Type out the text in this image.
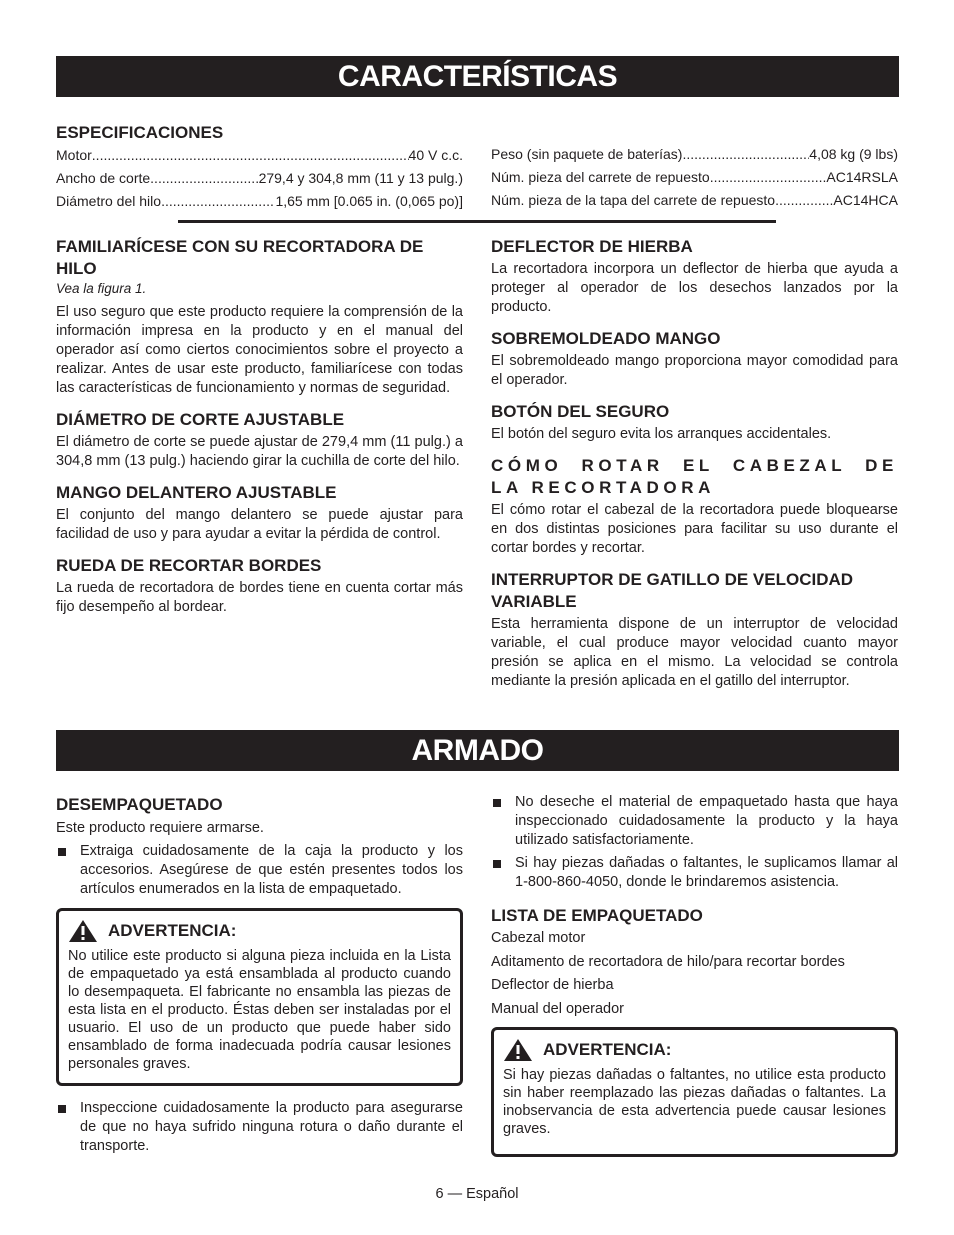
CARACTERÍSTICAS
ESPECIFICACIONES
Motor .....	40 V c.c.
Ancho de corte .....	279,4 y 304,8 mm (11 y 13 pulg.)
Diámetro del hilo .....	1,65 mm [0.065 in. (0,065 po)]
Peso (sin paquete de baterías) .....	4,08 kg (9 lbs)
Núm. pieza del carrete de repuesto .....	AC14RSLA
Núm. pieza de la tapa del carrete de repuesto .....	AC14HCA
FAMILIARÍCESE CON SU RECORTADORA DE HILO

Vea la figura 1.

El uso seguro que este producto requiere la comprensión de la información impresa en la producto y en el manual del operador así como ciertos conocimientos sobre el proyecto a realizar. Antes de usar este producto, familiarícese con todas las características de funcionamiento y normas de seguridad.

DIÁMETRO DE CORTE AJUSTABLE

El diámetro de corte se puede ajustar de 279,4 mm (11 pulg.) a 304,8 mm (13 pulg.) haciendo girar la cuchilla de corte del hilo.

MANGO DELANTERO AJUSTABLE

El conjunto del mango delantero se puede ajustar para facilidad de uso y para ayudar a evitar la pérdida de control.

RUEDA DE RECORTAR BORDES

La rueda de recortadora de bordes tiene en cuenta cortar más fijo desempeño al bordear.

DEFLECTOR DE HIERBA

La recortadora incorpora un deflector de hierba que ayuda a proteger al operador de los desechos lanzados por la producto.

SOBREMOLDEADO MANGO

El sobremoldeado mango proporciona mayor comodidad para el operador.

BOTÓN DEL SEGURO

El botón del seguro evita los arranques accidentales.

CÓMO ROTAR EL CABEZAL DE LA RECORTADORA

El cómo rotar el cabezal de la recortadora puede bloquearse en dos distintas posiciones para facilitar su uso durante el cortar bordes y recortar.

INTERRUPTOR DE GATILLO DE VELOCIDAD VARIABLE

Esta herramienta dispone de un interruptor de velocidad variable, el cual produce mayor velocidad cuanto mayor presión se aplica en el mismo. La velocidad se controla mediante la presión aplicada en el gatillo del interruptor.

ARMADO
DESEMPAQUETADO

Este producto requiere armarse.

Extraiga cuidadosamente de la caja la producto y los accesorios. Asegúrese de que estén presentes todos los artículos enumerados en la lista de empaquetado.
ADVERTENCIA:
No utilice este producto si alguna pieza incluida en la Lista de empaquetado ya está ensamblada al producto cuando lo desempaqueta. El fabricante no ensambla las piezas de esta lista en el producto. Éstas deben ser instaladas por el usuario. El uso de un producto que puede haber sido ensamblado de forma inadecuada podría causar lesiones personales graves.
Inspeccione cuidadosamente la producto para asegurarse de que no haya sufrido ninguna rotura o daño durante el transporte.
No deseche el material de empaquetado hasta que haya inspeccionado cuidadosamente la producto y la haya utilizado satisfactoriamente.
Si hay piezas dañadas o faltantes, le suplicamos llamar al 1-800-860-4050, donde le brindaremos asistencia.
LISTA DE EMPAQUETADO
Cabezal motor
Aditamento de recortadora de hilo/para recortar bordes
Deflector de hierba
Manual del operador
ADVERTENCIA:
Si hay piezas dañadas o faltantes, no utilice esta producto sin haber reemplazado las piezas dañadas o faltantes. La inobservancia de esta advertencia puede causar lesiones graves.
6 — Español
